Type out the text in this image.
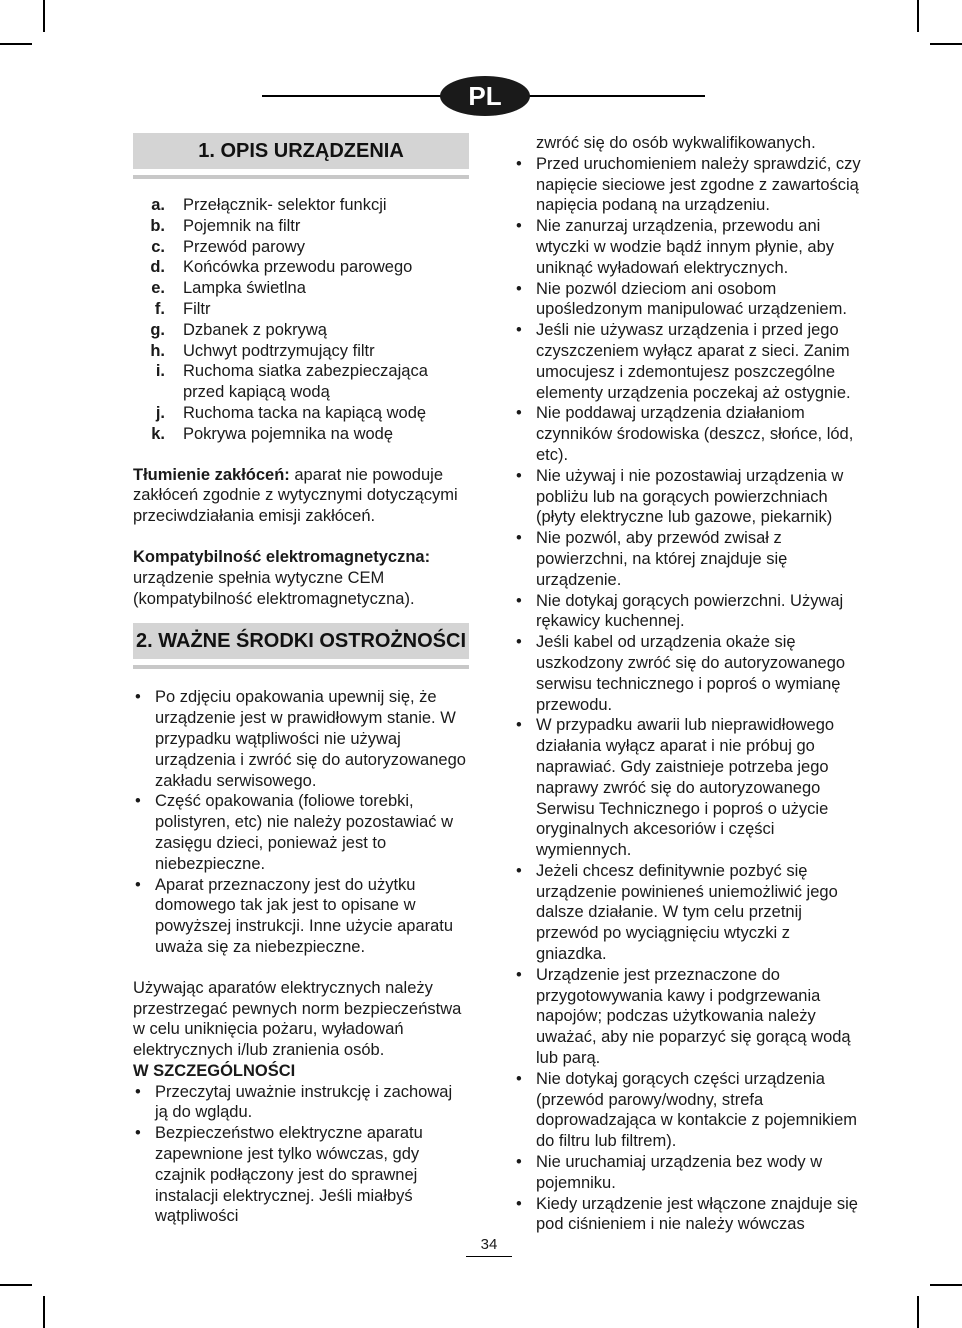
PL
1. OPIS URZĄDZENIA
a.	Przełącznik- selektor funkcji
b.	Pojemnik na filtr
c.	Przewód parowy
d.	Końcówka przewodu parowego
e.	Lampka świetlna
f.	Filtr
g.	Dzbanek z pokrywą
h.	Uchwyt podtrzymujący filtr
i.	Ruchoma siatka zabezpieczająca przed kapiącą wodą
j.	Ruchoma tacka na kapiącą wodę
k.	Pokrywa pojemnika na wodę

Tłumienie zakłóceń: aparat nie powoduje zakłóceń zgodnie z wytycznymi dotyczącymi przeciwdziałania emisji zakłóceń.

Kompatybilność elektromagnetyczna:
urządzenie spełnia wytyczne CEM (kompatybilność elektromagnetyczna).

2. WAŻNE ŚRODKI OSTROŻNOŚCI
• Po zdjęciu opakowania upewnij się, że urządzenie jest w prawidłowym stanie. W przypadku wątpliwości nie używaj urządzenia i zwróć się do autoryzowanego zakładu serwisowego.
• Część opakowania (foliowe torebki, polistyren, etc) nie należy pozostawiać w zasięgu dzieci, ponieważ jest to niebezpieczne.
• Aparat przeznaczony jest do użytku domowego tak jak jest to opisane w powyższej instrukcji. Inne użycie aparatu uważa się za niebezpieczne.

Używając aparatów elektrycznych należy przestrzegać pewnych norm bezpieczeństwa w celu uniknięcia pożaru, wyładowań elektrycznych i/lub zranienia osób.

W SZCZEGÓLNOŚCI

• Przeczytaj uważnie instrukcję i zachowaj ją do wglądu.
• Bezpieczeństwo elektryczne aparatu zapewnione jest tylko wówczas, gdy czajnik podłączony jest do sprawnej instalacji elektrycznej. Jeśli miałbyś wątpliwości

zwróć się do osób wykwalifikowanych.

• Przed uruchomieniem należy sprawdzić, czy napięcie sieciowe jest zgodne z zawartością napięcia podaną na urządzeniu.
• Nie zanurzaj urządzenia, przewodu ani wtyczki w wodzie bądź innym płynie, aby uniknąć wyładowań elektrycznych.
• Nie pozwól dzieciom ani osobom upośledzonym manipulować urządzeniem.
• Jeśli nie używasz urządzenia i przed jego czyszczeniem wyłącz aparat z sieci. Zanim umocujesz i zdemontujesz poszczególne elementy urządzenia poczekaj aż ostygnie.
• Nie poddawaj urządzenia działaniom czynników środowiska (deszcz, słońce, lód, etc).
• Nie używaj i nie pozostawiaj urządzenia w pobliżu lub na gorących powierzchniach (płyty elektryczne lub gazowe, piekarnik)
• Nie pozwól, aby przewód zwisał z powierzchni, na której znajduje się urządzenie.
• Nie dotykaj gorących powierzchni. Używaj rękawicy kuchennej.
• Jeśli kabel od urządzenia okaże się uszkodzony zwróć się do autoryzowanego serwisu technicznego i poproś o wymianę przewodu.
• W przypadku awarii lub nieprawidłowego działania wyłącz aparat i nie próbuj go naprawiać. Gdy zaistnieje potrzeba jego naprawy zwróć się do autoryzowanego Serwisu Technicznego i poproś o użycie oryginalnych akcesoriów i części wymiennych.
• Jeżeli chcesz definitywnie pozbyć się urządzenie powinieneś uniemożliwić jego dalsze działanie. W tym celu przetnij przewód po wyciągnięciu wtyczki z gniazdka.
• Urządzenie jest przeznaczone do przygotowywania kawy i podgrzewania napojów; podczas użytkowania należy uważać, aby nie poparzyć się gorącą wodą lub parą.
• Nie dotykaj gorących części urządzenia (przewód parowy/wodny, strefa doprowadzająca w kontakcie z pojemnikiem do filtru lub filtrem).
• Nie uruchamiaj urządzenia bez wody w pojemniku.
• Kiedy urządzenie jest włączone znajduje się pod ciśnieniem i nie należy wówczas
34
